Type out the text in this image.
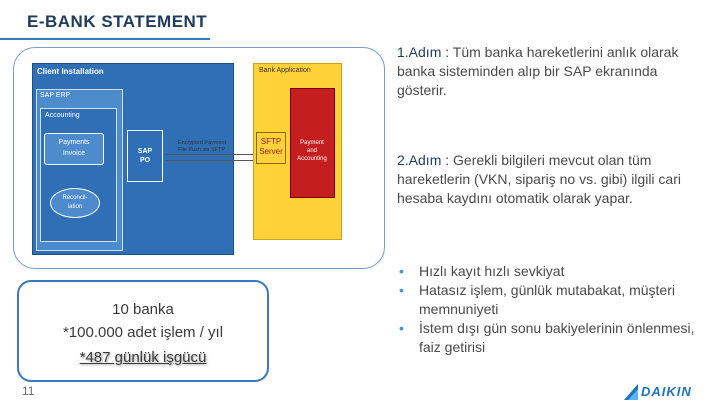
E-BANK STATEMENT
Client Installation
SAP ERP
Accounting
Payments
Invoice
Reconcil-
iation
SAP
PO
Encrypted Payment
File Push via SFTP
Bank Application
SFTP
Server
Payment
and
Accounting
1.Adım : Tüm banka hareketlerini anlık olarak banka sisteminden alıp bir SAP ekranında gösterir.
2.Adım : Gerekli bilgileri mevcut olan tüm hareketlerin (VKN, sipariş no vs. gibi) ilgili cari hesaba kaydını otomatik olarak yapar.
• Hızlı kayıt hızlı sevkiyat
• Hatasız işlem, günlük mutabakat, müşteri memnuniyeti
• İstem dışı gün sonu bakiyelerinin önlenmesi, faiz getirisi
10 banka
*100.000 adet işlem / yıl
*487 günlük işgücü
11	DAIKIN
